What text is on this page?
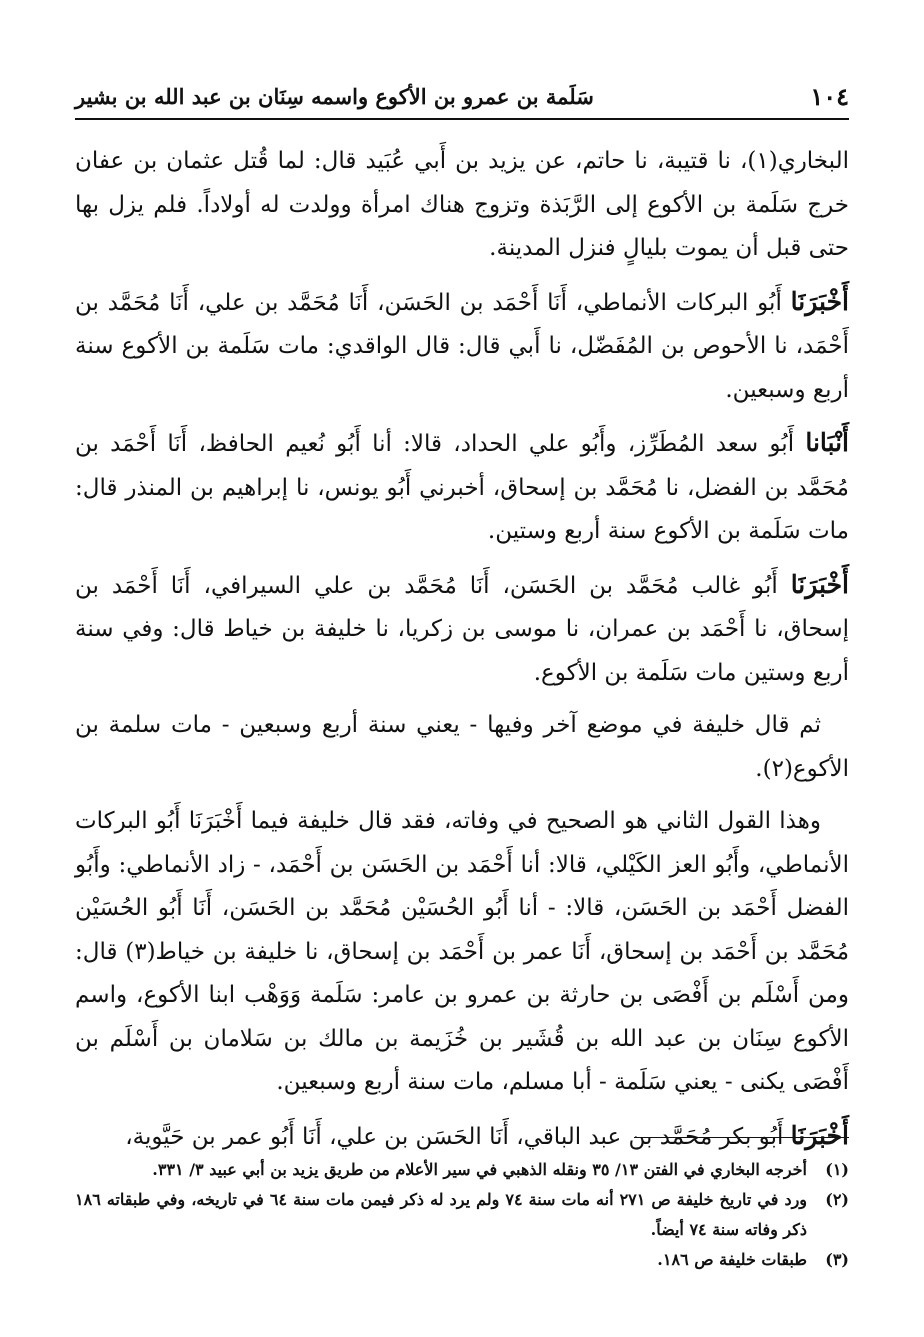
١٠٤
سَلَمة بن عمرو بن الأكوع واسمه سِنَان بن عبد الله بن بشير

البخاري(١)، نا قتيبة، نا حاتم، عن يزيد بن أَبي عُبَيد قال: لما قُتل عثمان بن عفان خرج سَلَمة بن الأكوع إلى الرَّبَذة وتزوج هناك امرأة وولدت له أولاداً. فلم يزل بها حتى قبل أن يموت بليالٍ فنزل المدينة.

أَخْبَرَنَا أَبُو البركات الأنماطي، أَنَا أَحْمَد بن الحَسَن، أَنَا مُحَمَّد بن علي، أَنَا مُحَمَّد بن أَحْمَد، نا الأحوص بن المُفَضّل، نا أَبي قال: قال الواقدي: مات سَلَمة بن الأكوع سنة أربع وسبعين.

أَنْبَانا أَبُو سعد المُطَرِّز، وأَبُو علي الحداد، قالا: أنا أَبُو نُعيم الحافظ، أَنَا أَحْمَد بن مُحَمَّد بن الفضل، نا مُحَمَّد بن إسحاق، أخبرني أَبُو يونس، نا إبراهيم بن المنذر قال: مات سَلَمة بن الأكوع سنة أربع وستين.

أَخْبَرَنَا أَبُو غالب مُحَمَّد بن الحَسَن، أَنَا مُحَمَّد بن علي السيرافي، أَنَا أَحْمَد بن إسحاق، نا أَحْمَد بن عمران، نا موسى بن زكريا، نا خليفة بن خياط قال: وفي سنة أربع وستين مات سَلَمة بن الأكوع.

ثم قال خليفة في موضع آخر وفيها - يعني سنة أربع وسبعين - مات سلمة بن الأكوع(٢).

وهذا القول الثاني هو الصحيح في وفاته، فقد قال خليفة فيما أَخْبَرَنَا أَبُو البركات الأنماطي، وأَبُو العز الكَيْلي، قالا: أنا أَحْمَد بن الحَسَن بن أَحْمَد، - زاد الأنماطي: وأَبُو الفضل أَحْمَد بن الحَسَن، قالا: - أنا أَبُو الحُسَيْن مُحَمَّد بن الحَسَن، أَنَا أَبُو الحُسَيْن مُحَمَّد بن أَحْمَد بن إسحاق، أَنَا عمر بن أَحْمَد بن إسحاق، نا خليفة بن خياط(٣) قال: ومن أَسْلَم بن أَفْصَى بن حارثة بن عمرو بن عامر: سَلَمة وَوَهْب ابنا الأكوع، واسم الأكوع سِنَان بن عبد الله بن قُشَير بن خُزَيمة بن مالك بن سَلامان بن أَسْلَم بن أَفْصَى يكنى - يعني سَلَمة - أبا مسلم، مات سنة أربع وسبعين.

أَخْبَرَنَا أَبُو بكر مُحَمَّد بن عبد الباقي، أَنَا الحَسَن بن علي، أَنَا أَبُو عمر بن حَيَّوية،

(١)
أخرجه البخاري في الفتن ١٣/ ٣٥ ونقله الذهبي في سير الأعلام من طريق يزيد بن أبي عبيد ٣/ ٣٣١.
(٢)
ورد في تاريخ خليفة ص ٢٧١ أنه مات سنة ٧٤ ولم يرد له ذكر فيمن مات سنة ٦٤ في تاريخه، وفي طبقاته ١٨٦ ذكر وفاته سنة ٧٤ أيضاً.
(٣)
طبقات خليفة ص ١٨٦.
